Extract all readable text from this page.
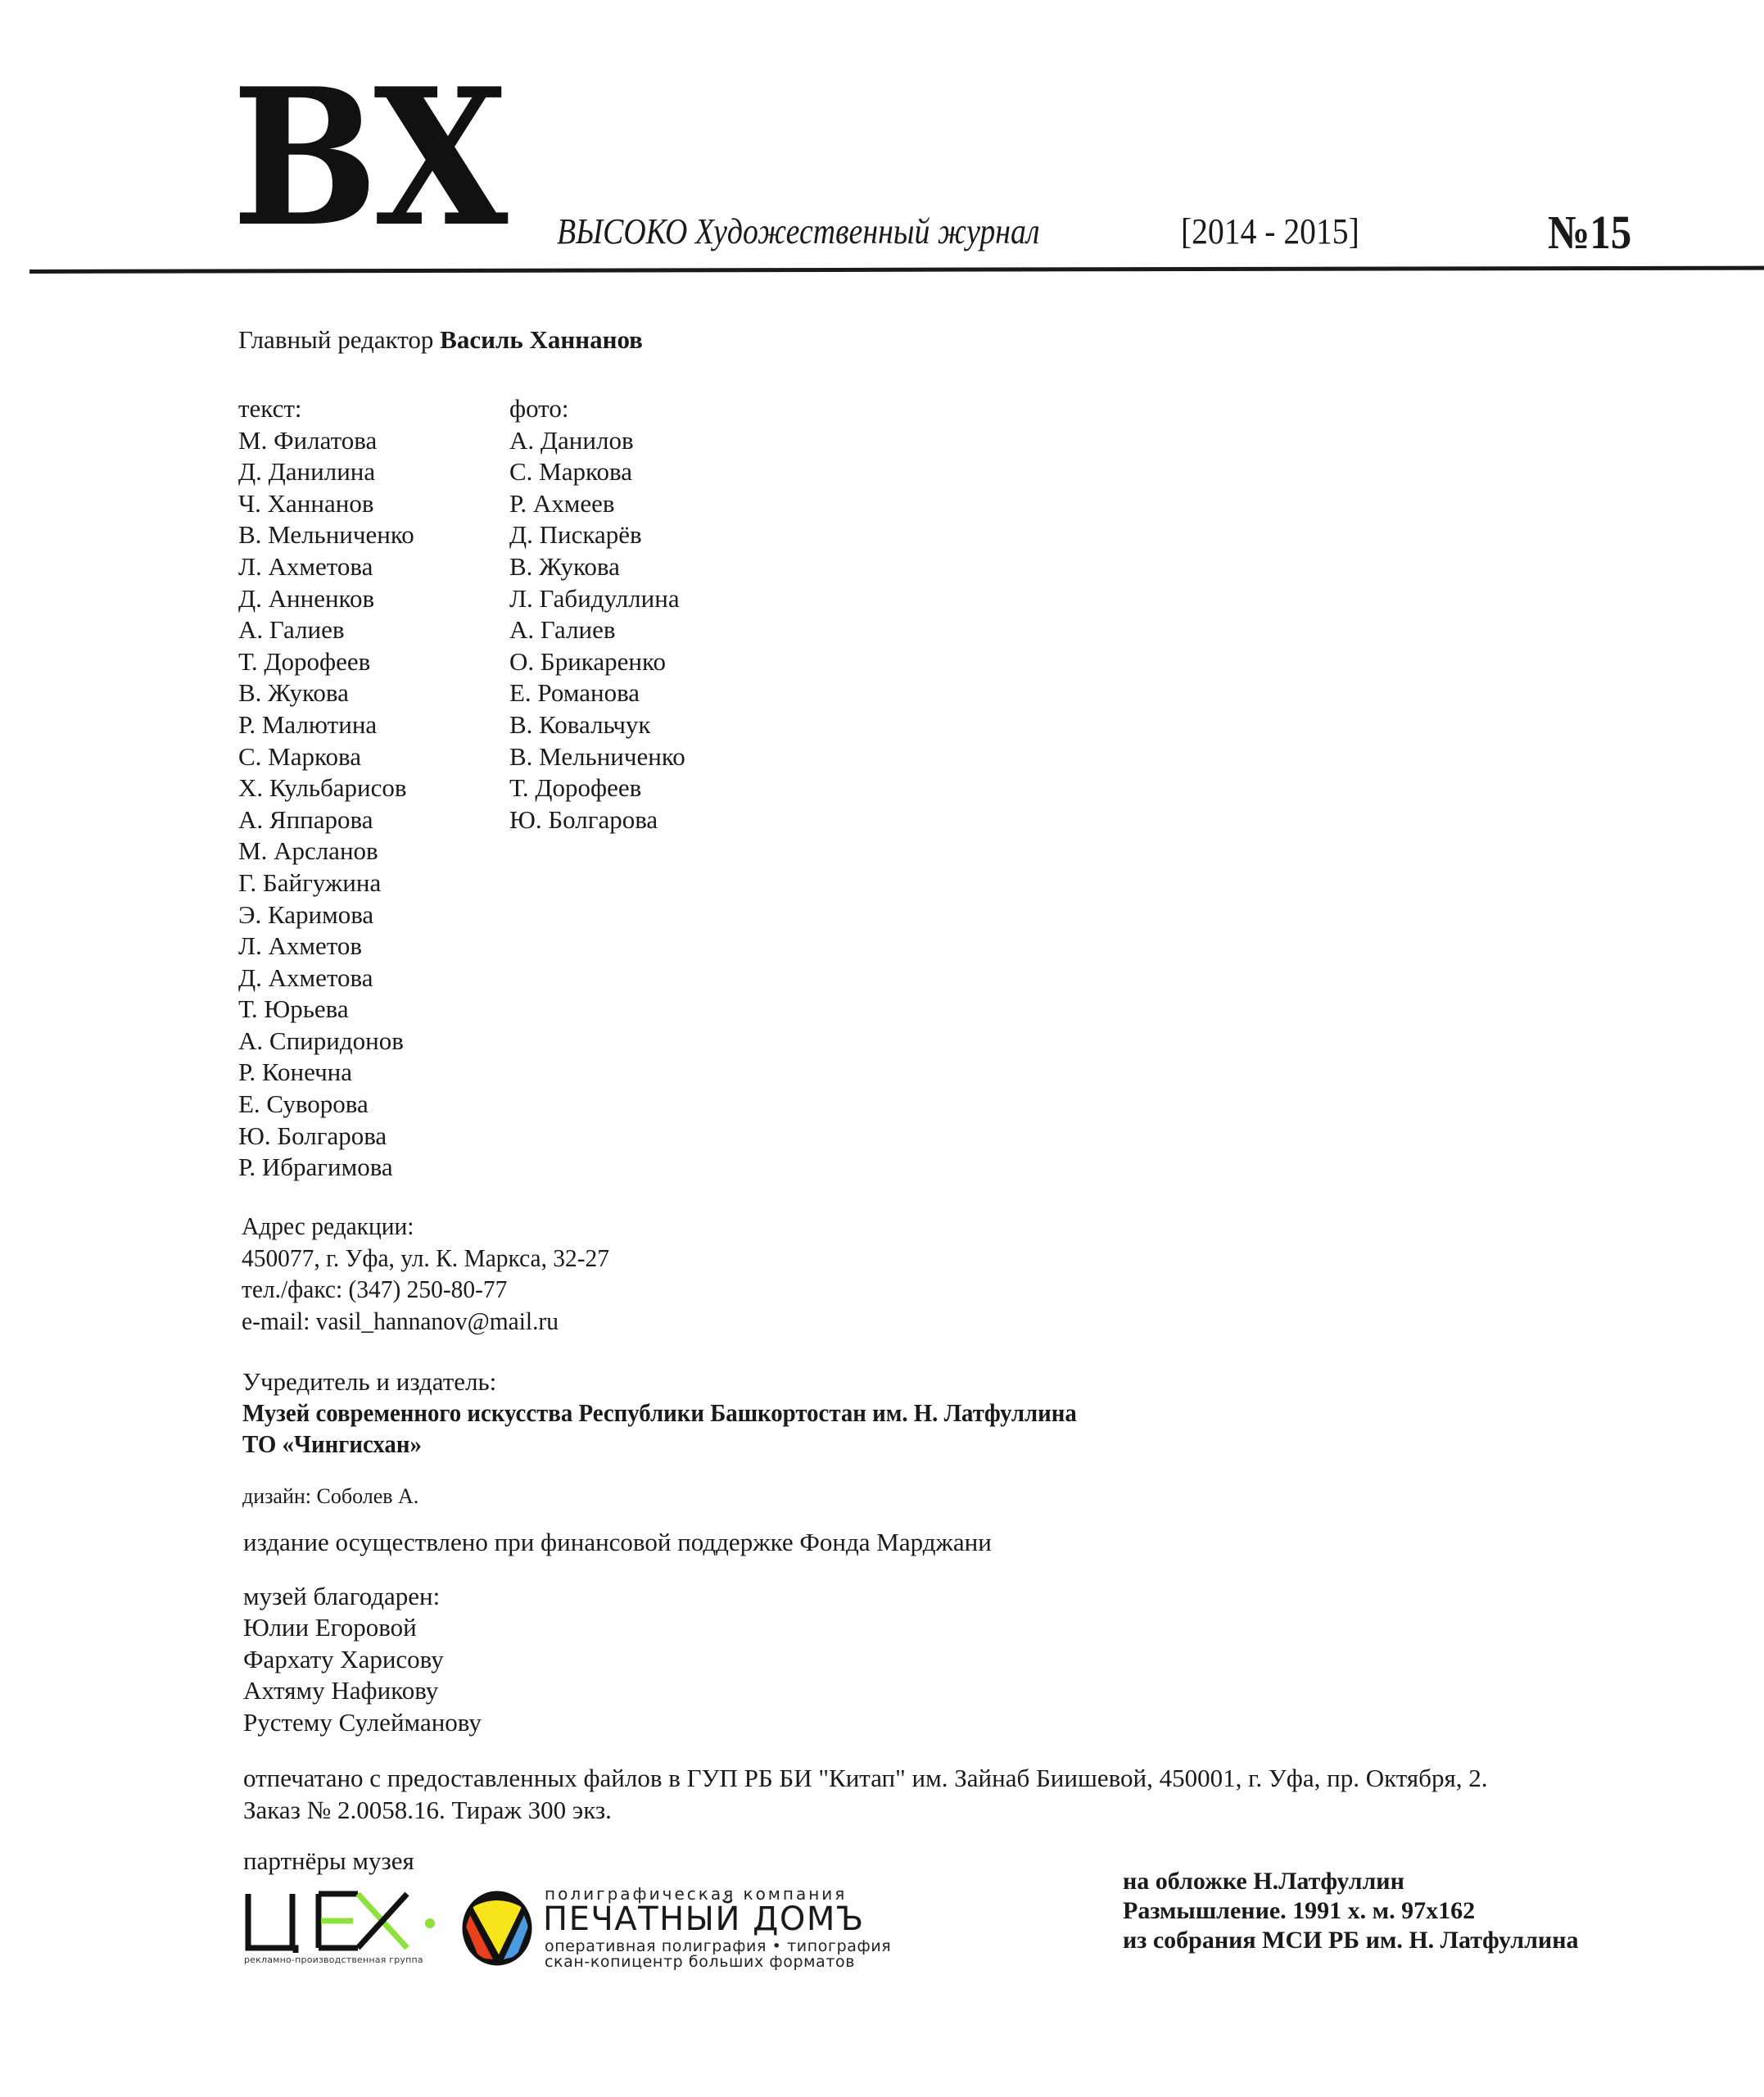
ВХ ВЫСОКО Художественный журнал	[2014 - 2015]	№15
Главный редактор Василь Ханнанов
текст:
М. Филатова
Д. Данилина
Ч. Ханнанов
В. Мельниченко
Л. Ахметова
Д. Анненков
А. Галиев
Т. Дорофеев
В. Жукова
Р. Малютина
С. Маркова
Х. Кульбарисов
А. Яппарова
М. Арсланов
Г. Байгужина
Э. Каримова
Л. Ахметов
Д. Ахметова
Т. Юрьева
А. Спиридонов
Р. Конечна
Е. Суворова
Ю. Болгарова
Р. Ибрагимова
фото:
А. Данилов
С. Маркова
Р. Ахмеев
Д. Пискарёв
В. Жукова
Л. Габидуллина
А. Галиев
О. Брикаренко
Е. Романова
В. Ковальчук
В. Мельниченко
Т. Дорофеев
Ю. Болгарова
Адрес редакции:
450077, г. Уфа, ул. К. Маркса, 32-27
тел./факс: (347) 250-80-77
e-mail: vasil_hannanov@mail.ru
Учредитель и издатель:
Музей современного искусства Республики Башкортостан им. Н. Латфуллина
ТО «Чингисхан»
дизайн: Соболев А.
издание осуществлено при финансовой поддержке Фонда Марджани
музей благодарен:
Юлии Егоровой
Фархату Харисову
Ахтяму Нафикову
Рустему Сулейманову
отпечатано с предоставленных файлов в ГУП РБ БИ "Китап" им. Зайнаб Биишевой, 450001, г. Уфа, пр. Октября, 2.
Заказ № 2.0058.16. Тираж 300 экз.
партнёры музея
рекламно-производственная группа
полиграфическая компания
ПЕЧАТНЫЙ ДОМЪ
оперативная полиграфия • типография
скан-копицентр больших форматов
на обложке Н.Латфуллин
Размышление. 1991 х. м. 97х162
из собрания МСИ РБ им. Н. Латфуллина
